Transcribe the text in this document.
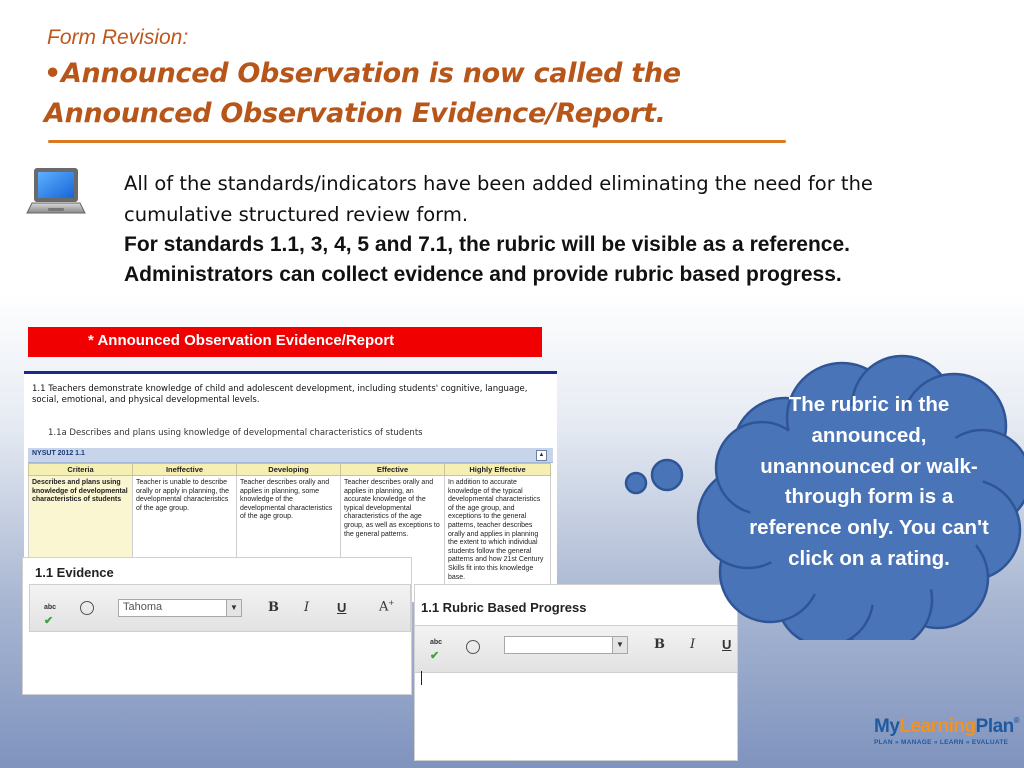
Form Revision:
•Announced Observation is now called the
Announced Observation Evidence/Report.
All of the standards/indicators have been added eliminating the need for the cumulative structured review form.
For standards 1.1, 3, 4, 5 and 7.1, the rubric will be visible as a reference. Administrators can collect evidence and provide rubric based progress.
* Announced Observation Evidence/Report
1.1 Teachers demonstrate knowledge of child and adolescent development, including students' cognitive, language, social, emotional, and physical developmental levels.
1.1a Describes and plans using knowledge of developmental characteristics of students
NYSUT 2012 1.1	▲
Criteria	Ineffective	Developing	Effective	Highly Effective
Describes and plans using knowledge of developmental characteristics of students	Teacher is unable to describe orally or apply in planning, the developmental characteristics of the age group.	Teacher describes orally and applies in planning, some knowledge of the developmental characteristics of the age group.	Teacher describes orally and applies in planning, an accurate knowledge of the typical developmental characteristics of the age group, as well as exceptions to the general patterns.	In addition to accurate knowledge of the typical developmental characteristics of the age group, and exceptions to the general patterns, teacher describes orally and applies in planning the extent to which individual students follow the general patterns and how 21st Century Skills fit into this knowledge base.
1.1 Evidence
abc
✔
Tahoma	▼ B I U	A+ 1.1 Rubric Based Progress
abc
✔
▼ B I U
The rubric in the announced, unannounced or walk-through form is a reference only. You can't click on a rating.
MyLearningPlan®
PLAN » MANAGE » LEARN » EVALUATE
